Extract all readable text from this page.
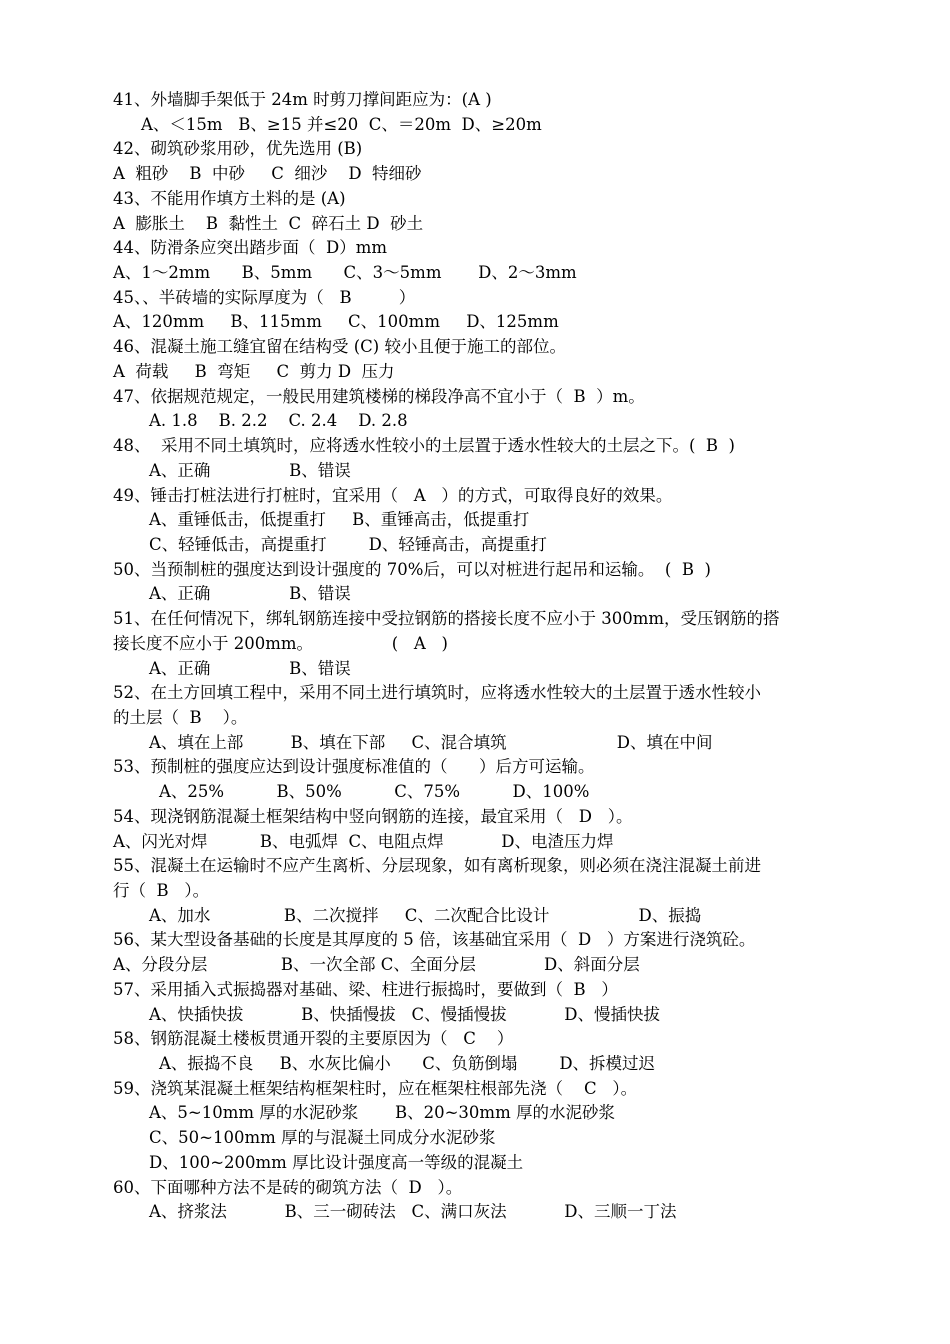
41、外墙脚手架低于 24m 时剪刀撑间距应为：(A )
A、＜15m   B、≥15 并≤20  C、＝20m  D、≥20m
42、砌筑砂浆用砂，优先选用 (B)
A  粗砂    B  中砂     C  细沙    D  特细砂
43、不能用作填方土料的是 (A)
A  膨胀土    B  黏性土  C  碎石土 D  砂土
44、防滑条应突出踏步面（  D）mm
A、1～2mm      B、5mm      C、3～5mm       D、2～3mm
45、、半砖墙的实际厚度为（   B         ）
A、120mm     B、115mm     C、100mm     D、125mm
46、混凝土施工缝宜留在结构受 (C) 较小且便于施工的部位。
A  荷载     B  弯矩     C  剪力 D  压力
47、依据规范规定，一般民用建筑楼梯的梯段净高不宜小于（  B  ）m。
A. 1.8    B. 2.2    C. 2.4    D. 2.8
48、  采用不同土填筑时，应将透水性较小的土层置于透水性较大的土层之下。(  B  )
A、正确               B、错误
49、锤击打桩法进行打桩时，宜采用（   A   ）的方式，可取得良好的效果。
A、重锤低击，低提重打     B、重锤高击，低提重打
C、轻锤低击，高提重打        D、轻锤高击，高提重打
50、当预制桩的强度达到设计强度的 70%后，可以对桩进行起吊和运输。  (  B  )
A、正确               B、错误
51、在任何情况下，绑轧钢筋连接中受拉钢筋的搭接长度不应小于 300mm，受压钢筋的搭
接长度不应小于 200mm。               (   A   )
A、正确               B、错误
52、在土方回填工程中，采用不同土进行填筑时，应将透水性较大的土层置于透水性较小
的土层（  B    ）。
A、填在上部         B、填在下部     C、混合填筑                     D、填在中间
53、预制桩的强度应达到设计强度标准值的（      ）后方可运输。
A、25%          B、50%          C、75%          D、100%
54、现浇钢筋混凝土框架结构中竖向钢筋的连接，最宜采用（   D   ）。
A、闪光对焊          B、电弧焊  C、电阻点焊           D、电渣压力焊
55、混凝土在运输时不应产生离析、分层现象，如有离析现象，则必须在浇注混凝土前进
行（  B   ）。
A、加水              B、二次搅拌     C、二次配合比设计                 D、振捣
56、某大型设备基础的长度是其厚度的 5 倍，该基础宜采用（  D   ）方案进行浇筑砼。
A、分段分层              B、一次全部 C、全面分层             D、斜面分层
57、采用插入式振捣器对基础、梁、柱进行振捣时，要做到（  B   ）
A、快插快拔           B、快插慢拔   C、慢插慢拔           D、慢插快拔
58、钢筋混凝土楼板贯通开裂的主要原因为（   C    ）
A、振捣不良     B、水灰比偏小      C、负筋倒塌        D、拆模过迟
59、浇筑某混凝土框架结构框架柱时，应在框架柱根部先浇（    C   ）。
A、5~10mm 厚的水泥砂浆       B、20~30mm 厚的水泥砂浆
C、50~100mm 厚的与混凝土同成分水泥砂浆
D、100~200mm 厚比设计强度高一等级的混凝土
60、下面哪种方法不是砖的砌筑方法（  D   ）。
A、挤浆法           B、三一砌砖法   C、满口灰法           D、三顺一丁法
